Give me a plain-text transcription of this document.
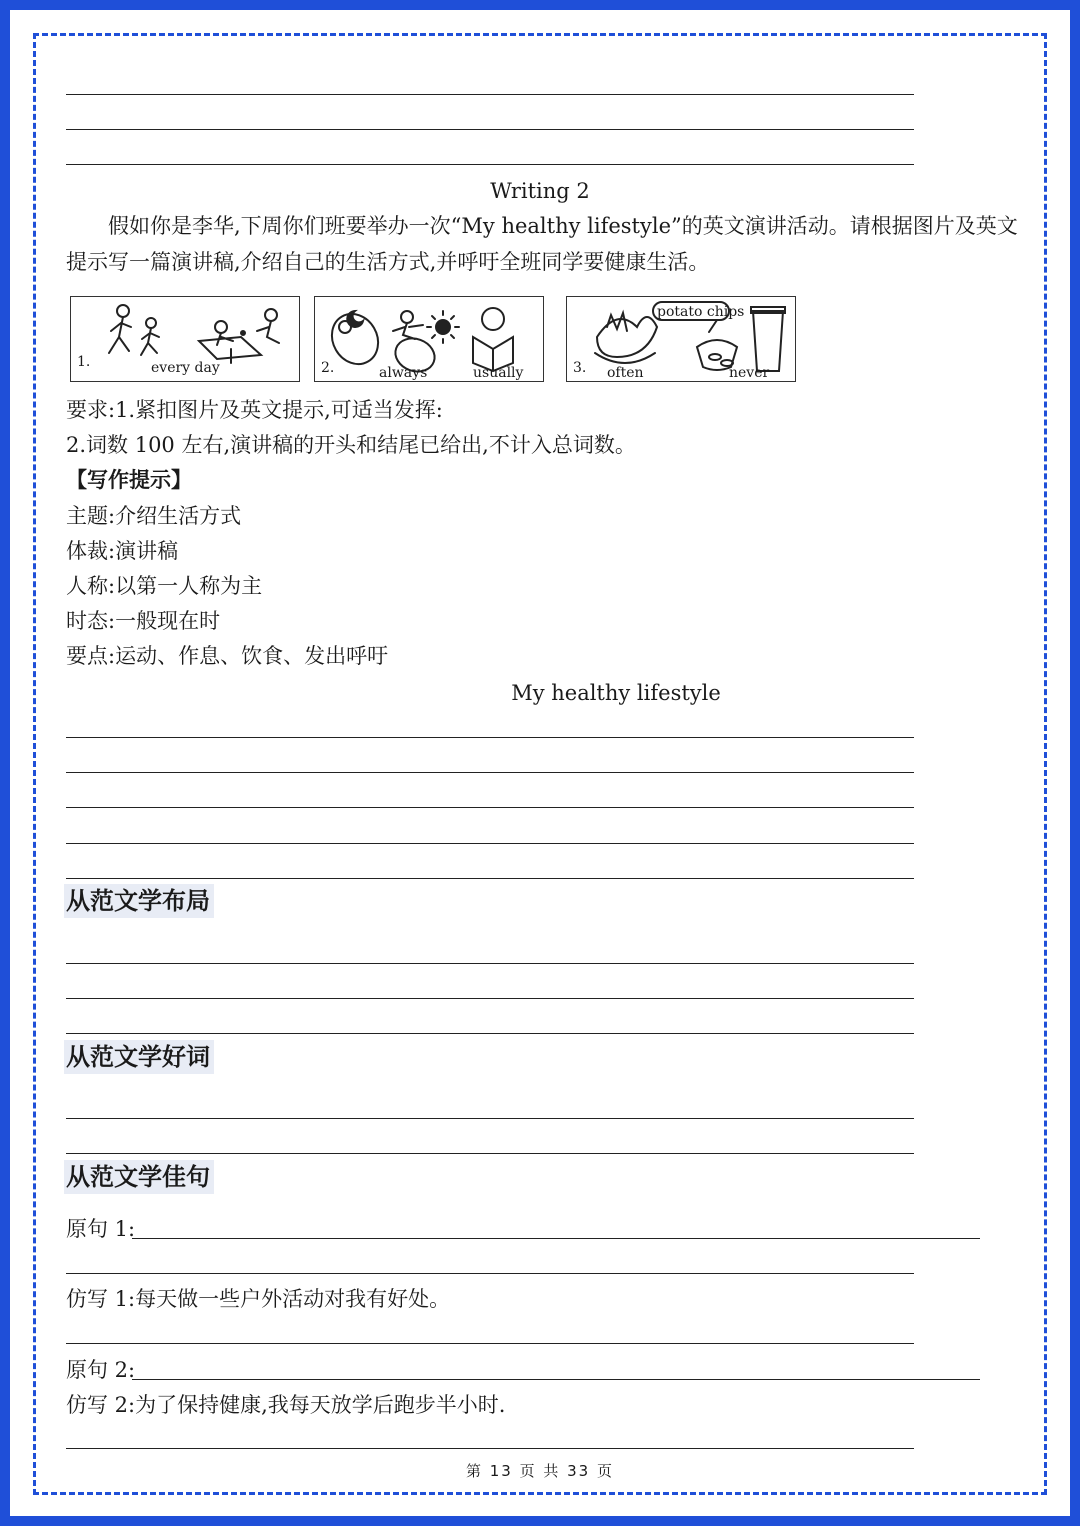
Writing 2
假如你是李华,下周你们班要举办一次“My healthy lifestyle”的英文演讲活动。请根据图片及英文
提示写一篇演讲稿,介绍自己的生活方式,并呼吁全班同学要健康生活。
1.	every day	2.	always	usually
potato chips
3. often	never
要求:1.紧扣图片及英文提示,可适当发挥:
2.词数 100 左右,演讲稿的开头和结尾已给出,不计入总词数。
【写作提示】
主题:介绍生活方式
体裁:演讲稿
人称:以第一人称为主
时态:一般现在时
要点:运动、作息、饮食、发出呼吁
My healthy lifestyle
从范文学布局
从范文学好词
从范文学佳句
原句 1:
仿写 1:每天做一些户外活动对我有好处。
原句 2:
仿写 2:为了保持健康,我每天放学后跑步半小时.
第 13 页 共 33 页
